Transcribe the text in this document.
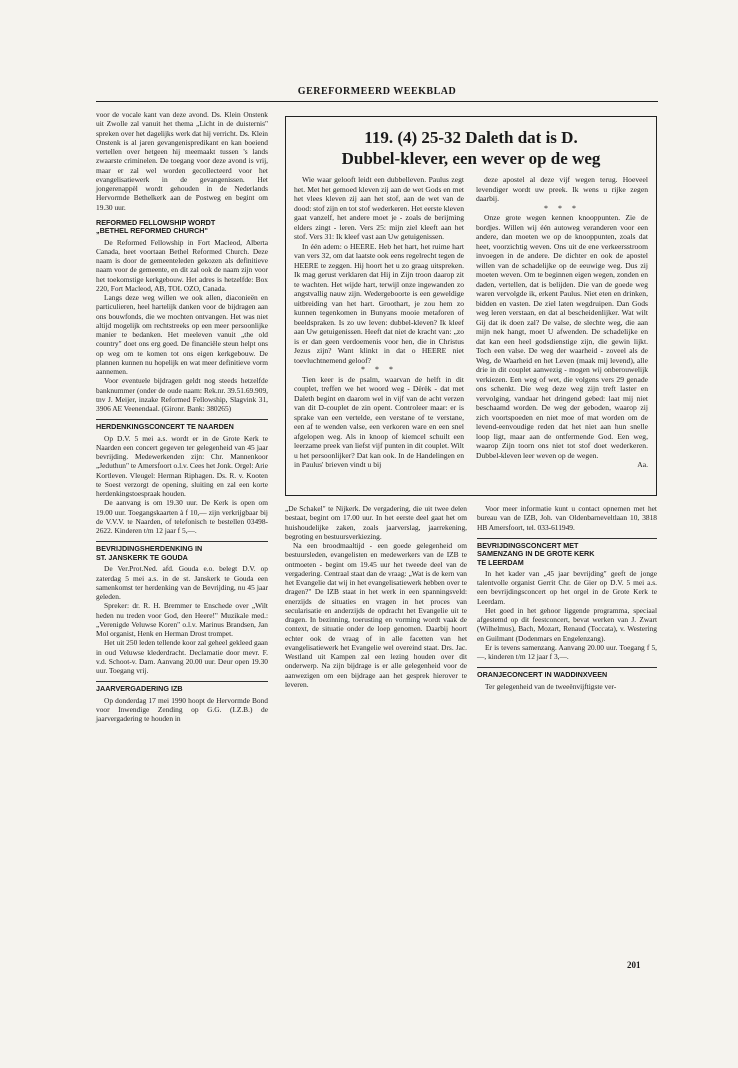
GEREFORMEERD WEEKBLAD

voor de vocale kant van deze avond. Ds. Klein Onstenk uit Zwolle zal vanuit het thema „Licht in de duisternis" spreken over het dagelijks werk dat hij verricht. Ds. Klein Onstenk is al jaren gevangenispredikant en kan boeiend vertellen over hetgeen hij meemaakt tussen 's lands zwaarste criminelen. De toegang voor deze avond is vrij, maar er zal wel worden gecollecteerd voor het evangelisatiewerk in de gevangenissen. Het jongerenappèl wordt gehouden in de Nederlands Hervormde Bethelkerk aan de Postweg en begint om 19.30 uur.

REFORMED FELLOWSHIP WORDT
„BETHEL REFORMED CHURCH"

De Reformed Fellowship in Fort Macleod, Alberta Canada, heet voortaan Bethel Reformed Church. Deze naam is door de gemeenteleden gekozen als definitieve naam voor de gemeente, en dit zal ook de naam zijn voor het toekomstige kerkgebouw. Het adres is hetzelfde: Box 220, Fort Macleod, AB, TOL OZO, Canada.

Langs deze weg willen we ook allen, diaconieën en particulieren, heel hartelijk danken voor de bijdragen aan ons bouwfonds, die we mochten ontvangen. Het was niet altijd mogelijk om rechtstreeks op een meer persoonlijke manier te bedanken. Het meeleven vanuit „the old country" doet ons erg goed. De financiële steun helpt ons op weg om te komen tot ons eigen kerkgebouw. De plannen kunnen nu hopelijk en wat meer definitieve vorm aannemen.

Voor eventuele bijdragen geldt nog steeds hetzelfde banknummer (onder de oude naam: Rek.nr. 39.51.69.909, tnv J. Meijer, inzake Reformed Fellowship, Slagvink 31, 3906 AE Veenendaal. (Gironr. Bank: 380265)

HERDENKINGSCONCERT TE NAARDEN

Op D.V. 5 mei a.s. wordt er in de Grote Kerk te Naarden een concert gegeven ter gelegenheid van 45 jaar bevrijding. Medewerkenden zijn: Chr. Mannenkoor „Jeduthun" te Amersfoort o.l.v. Cees het Jonk. Orgel: Arie Kortleven. Vleugel: Herman Riphagen. Ds. R. v. Kooten te Soest verzorgt de opening, sluiting en zal een korte herdenkingstoespraak houden.

De aanvang is om 19.30 uur. De Kerk is open om 19.00 uur. Toegangskaarten à f 10,— zijn verkrijgbaar bij de V.V.V. te Naarden, of telefonisch te bestellen 03498-2622. Kinderen t/m 12 jaar f 5,—.

BEVRIJDINGSHERDENKING IN
ST. JANSKERK TE GOUDA

De Ver.Prot.Ned. afd. Gouda e.o. belegt D.V. op zaterdag 5 mei a.s. in de st. Janskerk te Gouda een samenkomst ter herdenking van de Bevrijding, nu 45 jaar geleden.

Spreker: dr. R. H. Bremmer te Enschede over „Wilt heden nu treden voor God, den Heere!" Muzikale med.: „Verenigde Veluwse Koren" o.l.v. Marinus Brandsen, Jan Mol organist, Henk en Herman Drost trompet.

Het uit 250 leden tellende koor zal geheel gekleed gaan in oud Veluwse klederdracht. Declamatie door mevr. F. v.d. Schoot-v. Dam. Aanvang 20.00 uur. Deur open 19.30 uur. Toegang vrij.

JAARVERGADERING IZB

Op donderdag 17 mei 1990 hoopt de Hervormde Bond voor Inwendige Zending op G.G. (I.Z.B.) de jaarvergadering te houden in

119. (4) 25-32 Daleth dat is D.
Dubbel-klever, een wever op de weg

Wie waar gelooft leidt een dubbelleven. Paulus zegt het. Met het gemoed kleven zij aan de wet Gods en met het vlees kleven zij aan het stof, aan de wet van de dood: stof zijn en tot stof wederkeren. Het eerste kleven gaat vanzelf, het andere moet je - zoals de berijming elders zingt - leren. Vers 25: mijn ziel kleeft aan het stof. Vers 31: Ik kleef vast aan Uw getuigenissen.

In één adem: o HEERE. Heb het hart, het ruime hart van vers 32, om dat laatste ook eens regelrecht tegen de HEERE te zeggen. Hij hoort het u zo graag uitspreken. Ik mag gerust verklaren dat Hij in Zijn troon daarop zit te wachten. Het wijde hart, terwijl onze ingewanden zo angstvallig nauw zijn. Wedergeboorte is een geweldige uitbreiding van het hart. Groothart, je zou hem zo kunnen tegenkomen in Bunyans mooie metaforen of beeldspraken. Is zo uw leven: dubbel-kleven? Ik kleef aan Uw getuigenissen. Heeft dat niet de kracht van: „zo is er dan geen verdoemenis voor hen, die in Christus Jezus zijn? Want klinkt in dat o HEERE niet toevluchtnemend geloof?

* * *

Tien keer is de psalm, waarvan de helft in dit couplet, treffen we het woord weg - Dèrèk - dat met Daleth begint en daarom wel in vijf van de acht verzen van dit D-couplet de zin opent. Controleer maar: er is sprake van een vertelde, een verstane of te verstane, een af te wenden valse, een verkoren ware en een snel afgelopen weg. Als in knoop of kiemcel schuilt een leerzame preek van liefst vijf punten in dit couplet. Wilt u het persoonlijker? Dat kan ook. In de Handelingen en in Paulus' brieven vindt u bij

deze apostel al deze vijf wegen terug. Hoeveel levendiger wordt uw preek. Ik wens u rijke zegen daarbij.

* * *

Onze grote wegen kennen knooppunten. Zie de bordjes. Willen wij één autoweg veranderen voor een andere, dan moeten we op de knooppunten, zoals dat heet, voorzichtig weven. Ons uit de ene verkeersstroom invoegen in de andere. De dichter en ook de apostel willen van de schadelijke op de eeuwige weg. Dus zij moeten weven. Om te beginnen eigen wegen, zonden en daden, vertellen, dat is belijden. Die van de goede weg waren vervolgde ik, erkent Paulus. Niet eten en drinken, bidden en vasten. De ziel laten wegdruipen. Dan Gods weg leren verstaan, en dat al bescheidenlijker. Wat wilt Gij dat ik doen zal? De valse, de slechte weg, die aan mijn nek hangt, moet U afwenden. De schadelijke en dat kan een heel godsdienstige zijn, die gewin lijkt. Toch een valse. De weg der waarheid - zoveel als de Weg, de Waarheid en het Leven (maak mij levend), alle drie in dit couplet aanwezig - mogen wij onberouwelijk verkiezen. Een weg of wet, die volgens vers 29 genade ons schenkt. Die weg deze weg zijn treft laster en vervolging, vandaar het dringend gebed: laat mij niet beschaamd worden. De weg der geboden, waarop zij zich voortspoeden en niet moe of mat worden om de levend-eenvoudige reden dat het niet aan hun snelle loop ligt, maar aan de ontfermende God. Een weg, waarop Zijn toorn ons niet tot stof doet wederkeren. Dubbel-kleven leer weven op de wegen.

Aa.

„De Schakel" te Nijkerk. De vergadering, die uit twee delen bestaat, begint om 17.00 uur. In het eerste deel gaat het om huishoudelijke zaken, zoals jaarverslag, jaarrekening, begroting en bestuursverkiezing.

Na een broodmaaltijd - een goede gelegenheid om bestuursleden, evangelisten en medewerkers van de IZB te ontmoeten - begint om 19.45 uur het tweede deel van de vergadering. Centraal staat dan de vraag: „Wat is de kern van het Evangelie dat wij in het evangelisatiewerk hebben over te dragen?" De IZB staat in het werk in een spanningsveld: enerzijds de situaties en vragen in het proces van secularisatie en anderzijds de opdracht het Evangelie uit te dragen. In bezinning, toerusting en vorming wordt vaak de context, de situatie onder de loep genomen. Daarbij hoort echter ook de vraag of in alle facetten van het evangelisatiewerk het Evangelie wel overeind staat. Drs. Jac. Westland uit Kampen zal een lezing houden over dit onderwerp. Na zijn bijdrage is er alle gelegenheid voor de aanwezigen om een bijdrage aan het gesprek hierover te leveren.

Voor meer informatie kunt u contact opnemen met het bureau van de IZB, Joh. van Oldenbarneveltlaan 10, 3818 HB Amersfoort, tel. 033-611949.

BEVRIJDINGSCONCERT MET
SAMENZANG IN DE GROTE KERK
TE LEERDAM

In het kader van „45 jaar bevrijding" geeft de jonge talentvolle organist Gerrit Chr. de Gier op D.V. 5 mei a.s. een bevrijdingsconcert op het orgel in de Grote Kerk te Leerdam.

Het goed in het gehoor liggende programma, speciaal afgestemd op dit feestconcert, bevat werken van J. Zwart (Wilhelmus), Bach, Mozart, Renaud (Toccata), v. Westering en Guilmant (Dodenmars en Engelenzang).

Er is tevens samenzang. Aanvang 20.00 uur. Toegang f 5,—, kinderen t/m 12 jaar f 3,—.

ORANJECONCERT IN WADDINXVEEN

Ter gelegenheid van de tweeënvijftigste ver-

201
